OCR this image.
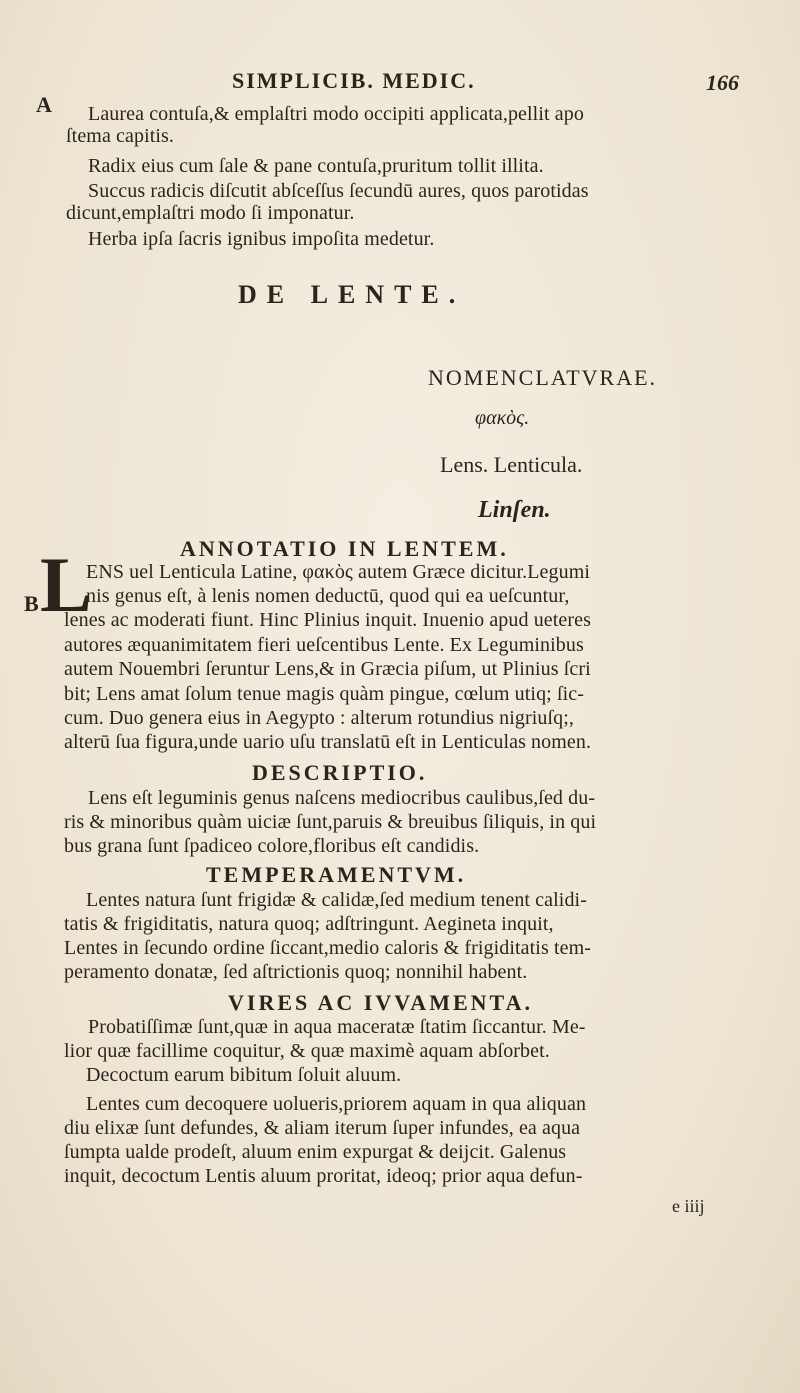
SIMPLICIB. MEDIC.	166
A
B
Laurea contuſa,& emplaſtri modo occipiti applicata,pellit apo
ſtema capitis.
Radix eius cum ſale & pane contuſa,pruritum tollit illita.
Succus radicis diſcutit abſceſſus ſecundū aures, quos parotidas
dicunt,emplaſtri modo ſi imponatur.
Herba ipſa ſacris ignibus impoſita medetur.
DE LENTE.
NOMENCLATVRAE.
φακὸς.
Lens. Lenticula.
Linſen.
ANNOTATIO IN LENTEM.
L
ENS uel Lenticula Latine, φακὸς autem Græce dicitur.Legumi
nis genus eſt, à lenis nomen deductū, quod qui ea ueſcuntur,
lenes ac moderati fiunt. Hinc Plinius inquit. Inuenio apud ueteres
autores æquanimitatem fieri ueſcentibus Lente. Ex Leguminibus
autem Nouembri ſeruntur Lens,& in Græcia piſum, ut Plinius ſcri
bit; Lens amat ſolum tenue magis quàm pingue, cœlum utiq; ſic-
cum. Duo genera eius in Aegypto : alterum rotundius nigriuſq;,
alterū ſua figura,unde uario uſu translatū eſt in Lenticulas nomen.
DESCRIPTIO.
Lens eſt leguminis genus naſcens mediocribus caulibus,ſed du-
ris & minoribus quàm uiciæ ſunt,paruis & breuibus ſiliquis, in qui
bus grana ſunt ſpadiceo colore,floribus eſt candidis.
TEMPERAMENTVM.
Lentes natura ſunt frigidæ & calidæ,ſed medium tenent calidi-
tatis & frigiditatis, natura quoq; adſtringunt. Aegineta inquit,
Lentes in ſecundo ordine ſiccant,medio caloris & frigiditatis tem-
peramento donatæ, ſed aſtrictionis quoq; nonnihil habent.
VIRES AC IVVAMENTA.
Probatiſſimæ ſunt,quæ in aqua maceratæ ſtatim ſiccantur. Me-
lior quæ facillime coquitur, & quæ maximè aquam abſorbet.
Decoctum earum bibitum ſoluit aluum.
Lentes cum decoquere uolueris,priorem aquam in qua aliquan
diu elixæ ſunt defundes, & aliam iterum ſuper infundes, ea aqua
ſumpta ualde prodeſt, aluum enim expurgat & deijcit. Galenus
inquit, decoctum Lentis aluum proritat, ideoq; prior aqua defun-
e iiij
